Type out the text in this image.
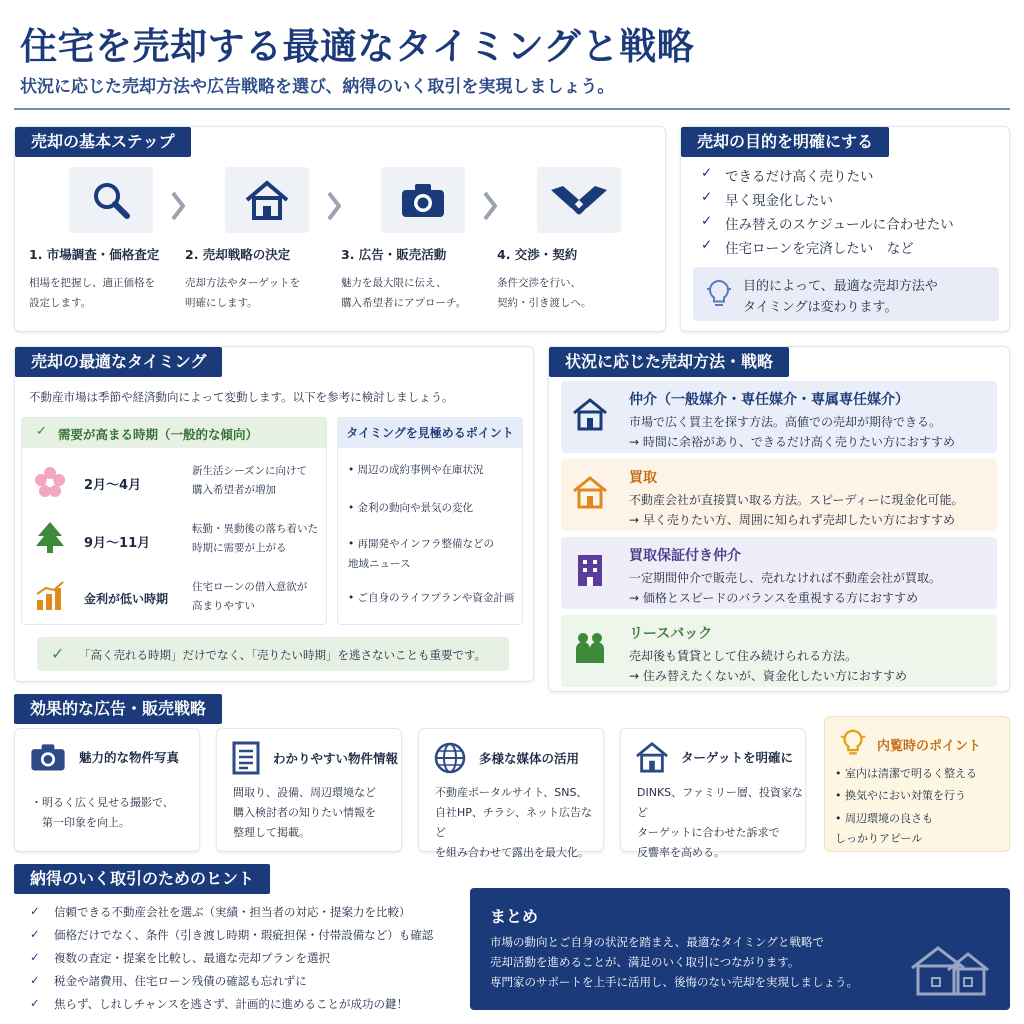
住宅を売却する最適なタイミングと戦略
状況に応じた売却方法や広告戦略を選び、納得のいく取引を実現しましょう。
売却の基本ステップ
1. 市場調査・価格査定
相場を把握し、適正価格を
設定します。
2. 売却戦略の決定
売却方法やターゲットを
明確にします。
3. 広告・販売活動
魅力を最大限に伝え、
購入希望者にアプローチ。
4. 交渉・契約
条件交渉を行い、
契約・引き渡しへ。
売却の目的を明確にする
✓ できるだけ高く売りたい
✓ 早く現金化したい
✓ 住み替えのスケジュールに合わせたい
✓ 住宅ローンを完済したい　など
目的によって、最適な売却方法や
タイミングは変わります。
売却の最適なタイミング
不動産市場は季節や経済動向によって変動します。以下を参考に検討しましょう。
✓ 需要が高まる時期（一般的な傾向）
2月〜4月
新生活シーズンに向けて
購入希望者が増加
9月〜11月
転勤・異動後の落ち着いた
時期に需要が上がる
金利が低い時期
住宅ローンの借入意欲が
高まりやすい
タイミングを見極めるポイント
• 周辺の成約事例や在庫状況
• 金利の動向や景気の変化
• 再開発やインフラ整備などの
地域ニュース
• ご自身のライフプランや資金計画
✓ 「高く売れる時期」だけでなく、「売りたい時期」を逃さないことも重要です。
状況に応じた売却方法・戦略
仲介（一般媒介・専任媒介・専属専任媒介）
市場で広く買主を探す方法。高値での売却が期待できる。
→ 時間に余裕があり、できるだけ高く売りたい方におすすめ
買取
不動産会社が直接買い取る方法。スピーディーに現金化可能。
→ 早く売りたい方、周囲に知られず売却したい方におすすめ
買取保証付き仲介
一定期間仲介で販売し、売れなければ不動産会社が買取。
→ 価格とスピードのバランスを重視する方におすすめ
リースバック
売却後も賃貸として住み続けられる方法。
→ 住み替えたくないが、資金化したい方におすすめ
効果的な広告・販売戦略
魅力的な物件写真
・明るく広く見せる撮影で、
　第一印象を向上。
わかりやすい物件情報
間取り、設備、周辺環境など
購入検討者の知りたい情報を
整理して掲載。
多様な媒体の活用
不動産ポータルサイト、SNS、
自社HP、チラシ、ネット広告など
を組み合わせて露出を最大化。
ターゲットを明確に
DINKS、ファミリー層、投資家など
ターゲットに合わせた訴求で
反響率を高める。
内覧時のポイント
• 室内は清潔で明るく整える
• 換気やにおい対策を行う
• 周辺環境の良さも
しっかりアピール
納得のいく取引のためのヒント
✓ 信頼できる不動産会社を選ぶ（実績・担当者の対応・提案力を比較）
✓ 価格だけでなく、条件（引き渡し時期・瑕疵担保・付帯設備など）も確認
✓ 複数の査定・提案を比較し、最適な売却プランを選択
✓ 税金や諸費用、住宅ローン残債の確認も忘れずに
✓ 焦らず、しれしチャンスを逃さず、計画的に進めることが成功の鍵！
まとめ
市場の動向とご自身の状況を踏まえ、最適なタイミングと戦略で
売却活動を進めることが、満足のいく取引につながります。
専門家のサポートを上手に活用し、後悔のない売却を実現しましょう。
